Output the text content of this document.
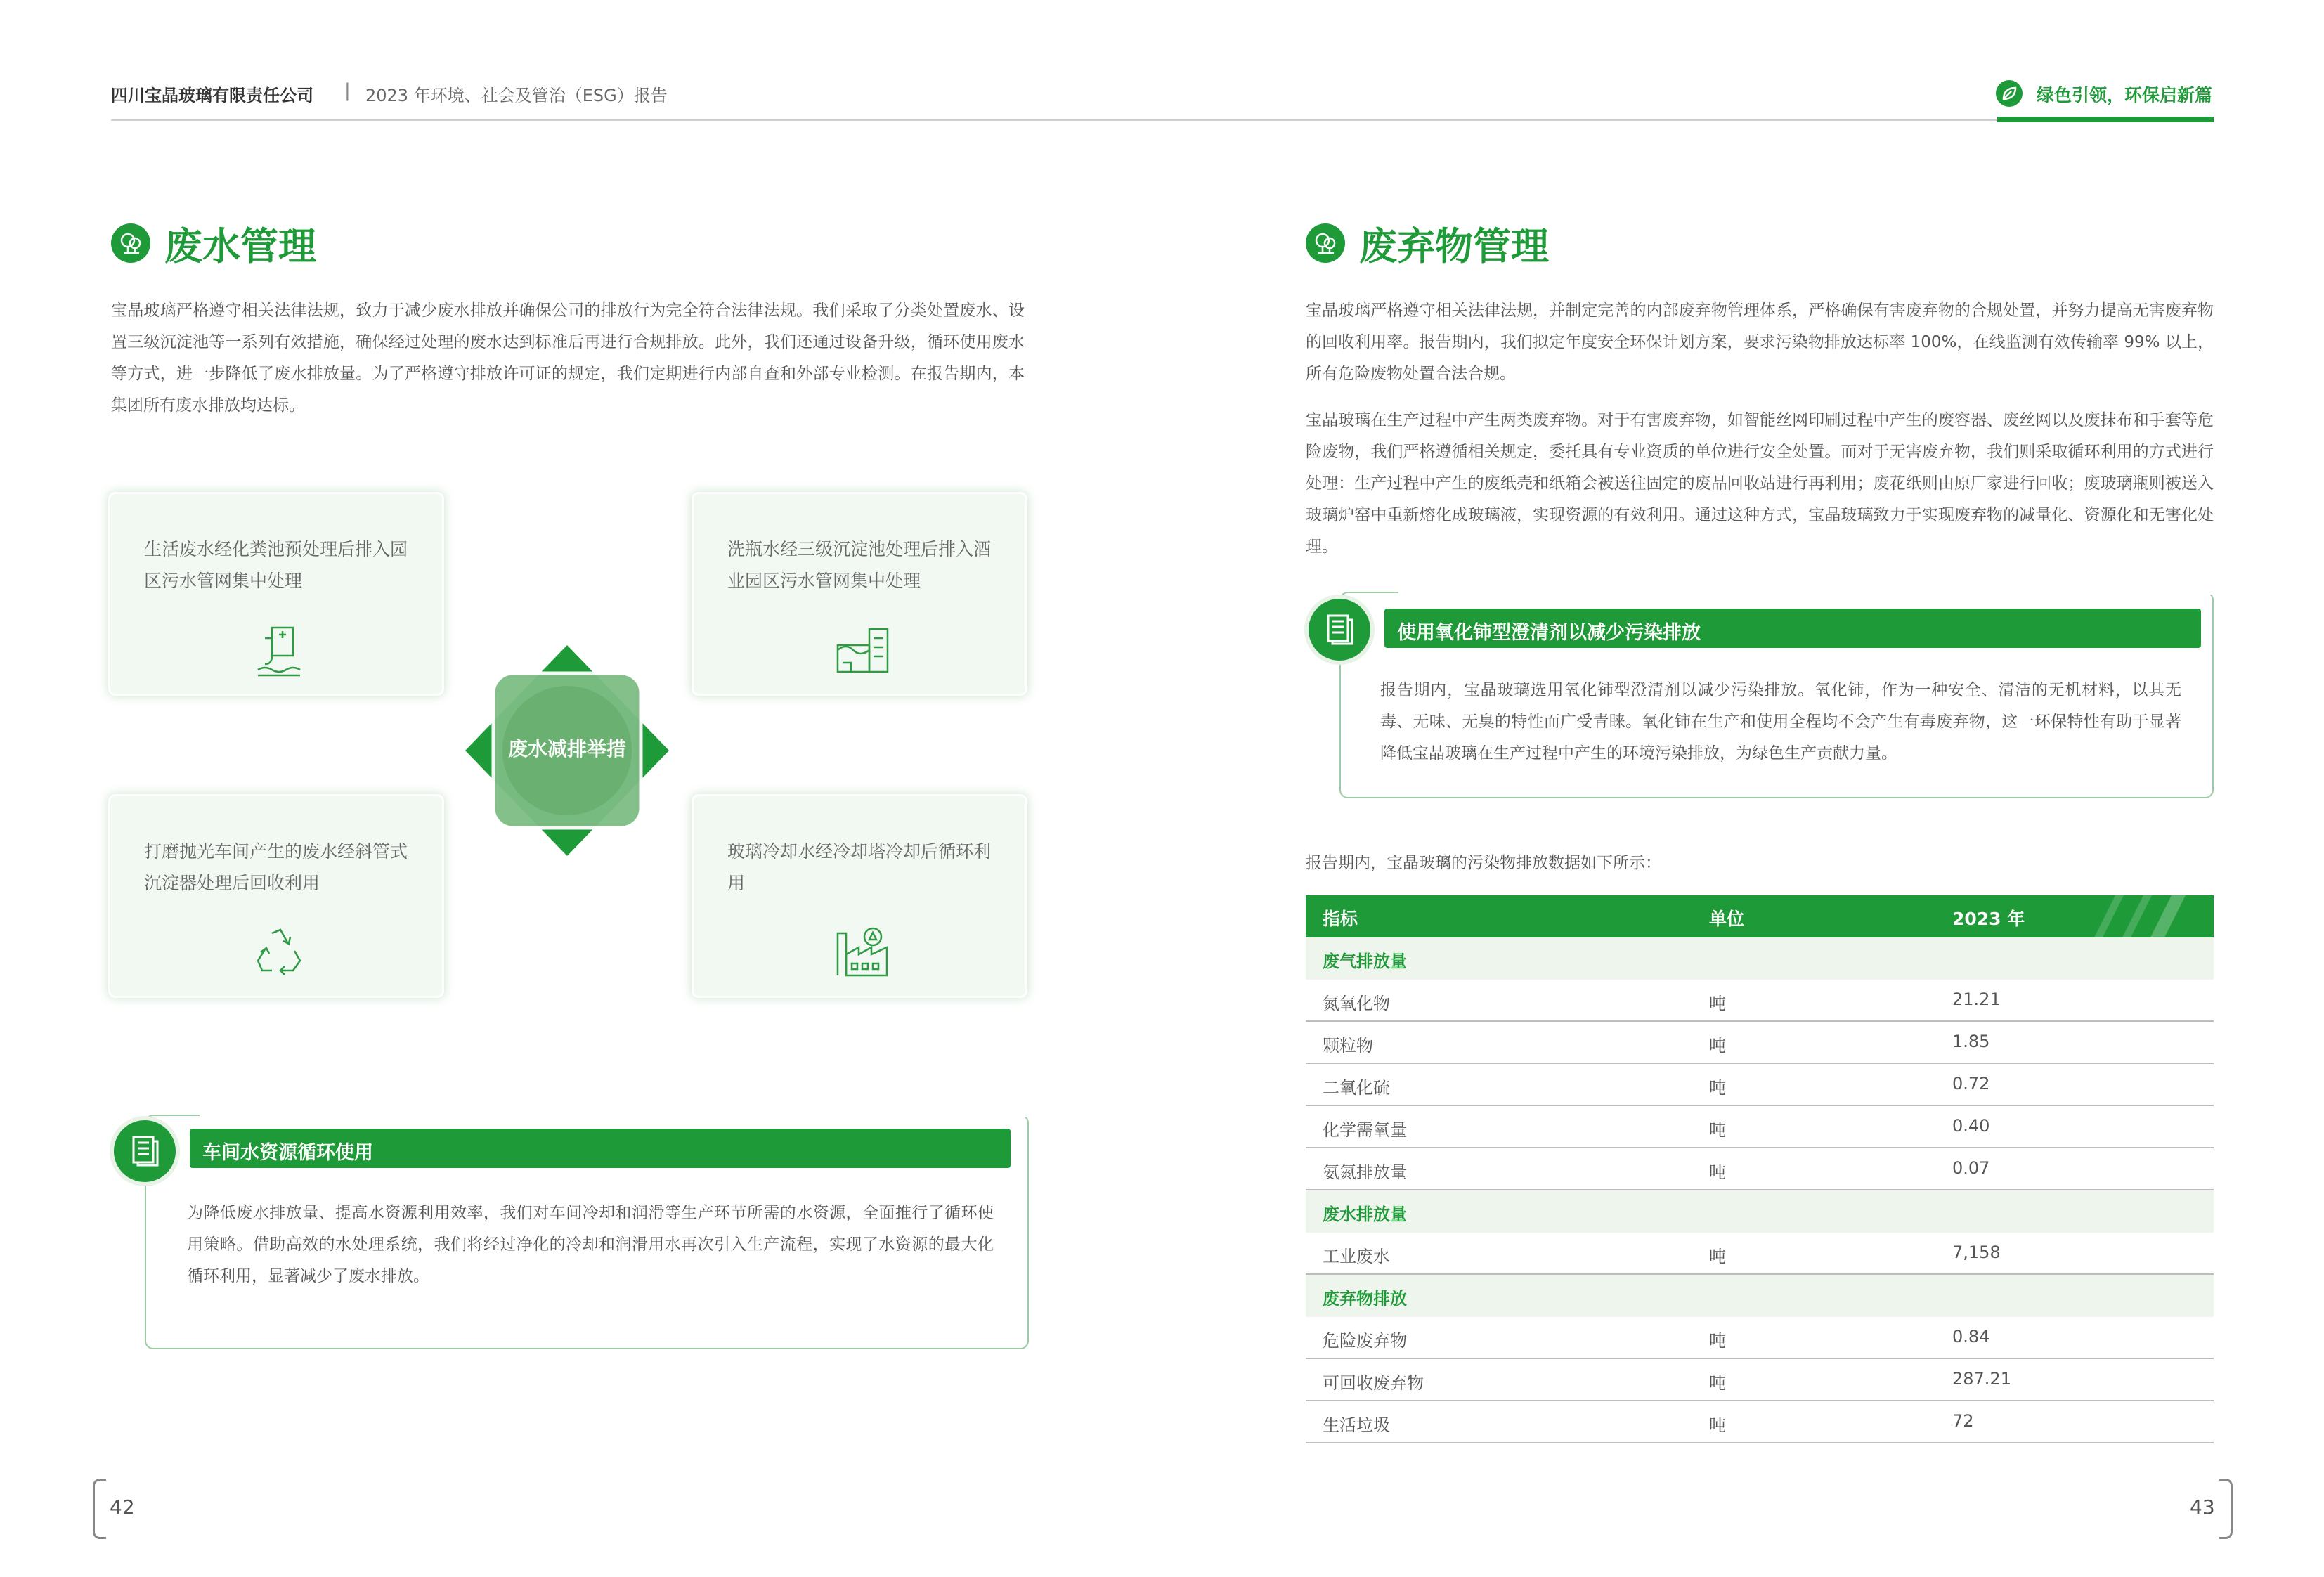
四川宝晶玻璃有限责任公司 | 2023 年环境、社会及管治（ESG）报告	绿色引领，环保启新篇
废水管理
宝晶玻璃严格遵守相关法律法规，致力于减少废水排放并确保公司的排放行为完全符合法律法规。我们采取了分类处置废水、设置三级沉淀池等一系列有效措施，确保经过处理的废水达到标准后再进行合规排放。此外，我们还通过设备升级，循环使用废水等方式，进一步降低了废水排放量。为了严格遵守排放许可证的规定，我们定期进行内部自查和外部专业检测。在报告期内，本集团所有废水排放均达标。
生活废水经化粪池预处理后排入园区污水管网集中处理
洗瓶水经三级沉淀池处理后排入酒业园区污水管网集中处理
打磨抛光车间产生的废水经斜管式沉淀器处理后回收利用
玻璃冷却水经冷却塔冷却后循环利用
废水减排举措
车间水资源循环使用
为降低废水排放量、提高水资源利用效率，我们对车间冷却和润滑等生产环节所需的水资源，全面推行了循环使用策略。借助高效的水处理系统，我们将经过净化的冷却和润滑用水再次引入生产流程，实现了水资源的最大化循环利用，显著减少了废水排放。
42
废弃物管理
宝晶玻璃严格遵守相关法律法规，并制定完善的内部废弃物管理体系，严格确保有害废弃物的合规处置，并努力提高无害废弃物的回收利用率。报告期内，我们拟定年度安全环保计划方案，要求污染物排放达标率 100%，在线监测有效传输率 99% 以上，所有危险废物处置合法合规。
宝晶玻璃在生产过程中产生两类废弃物。对于有害废弃物，如智能丝网印刷过程中产生的废容器、废丝网以及废抹布和手套等危险废物，我们严格遵循相关规定，委托具有专业资质的单位进行安全处置。而对于无害废弃物，我们则采取循环利用的方式进行处理：生产过程中产生的废纸壳和纸箱会被送往固定的废品回收站进行再利用；废花纸则由原厂家进行回收；废玻璃瓶则被送入玻璃炉窑中重新熔化成玻璃液，实现资源的有效利用。通过这种方式，宝晶玻璃致力于实现废弃物的减量化、资源化和无害化处理。
使用氧化铈型澄清剂以减少污染排放
报告期内，宝晶玻璃选用氧化铈型澄清剂以减少污染排放。氧化铈，作为一种安全、清洁的无机材料，以其无毒、无味、无臭的特性而广受青睐。氧化铈在生产和使用全程均不会产生有毒废弃物，这一环保特性有助于显著降低宝晶玻璃在生产过程中产生的环境污染排放，为绿色生产贡献力量。
报告期内，宝晶玻璃的污染物排放数据如下所示：
指标	单位	2023 年
废气排放量
氮氧化物	吨	21.21
颗粒物	吨	1.85
二氧化硫	吨	0.72
化学需氧量	吨	0.40
氨氮排放量	吨	0.07
废水排放量
工业废水	吨	7,158
废弃物排放
危险废弃物	吨	0.84
可回收废弃物	吨	287.21
生活垃圾	吨	72
43
